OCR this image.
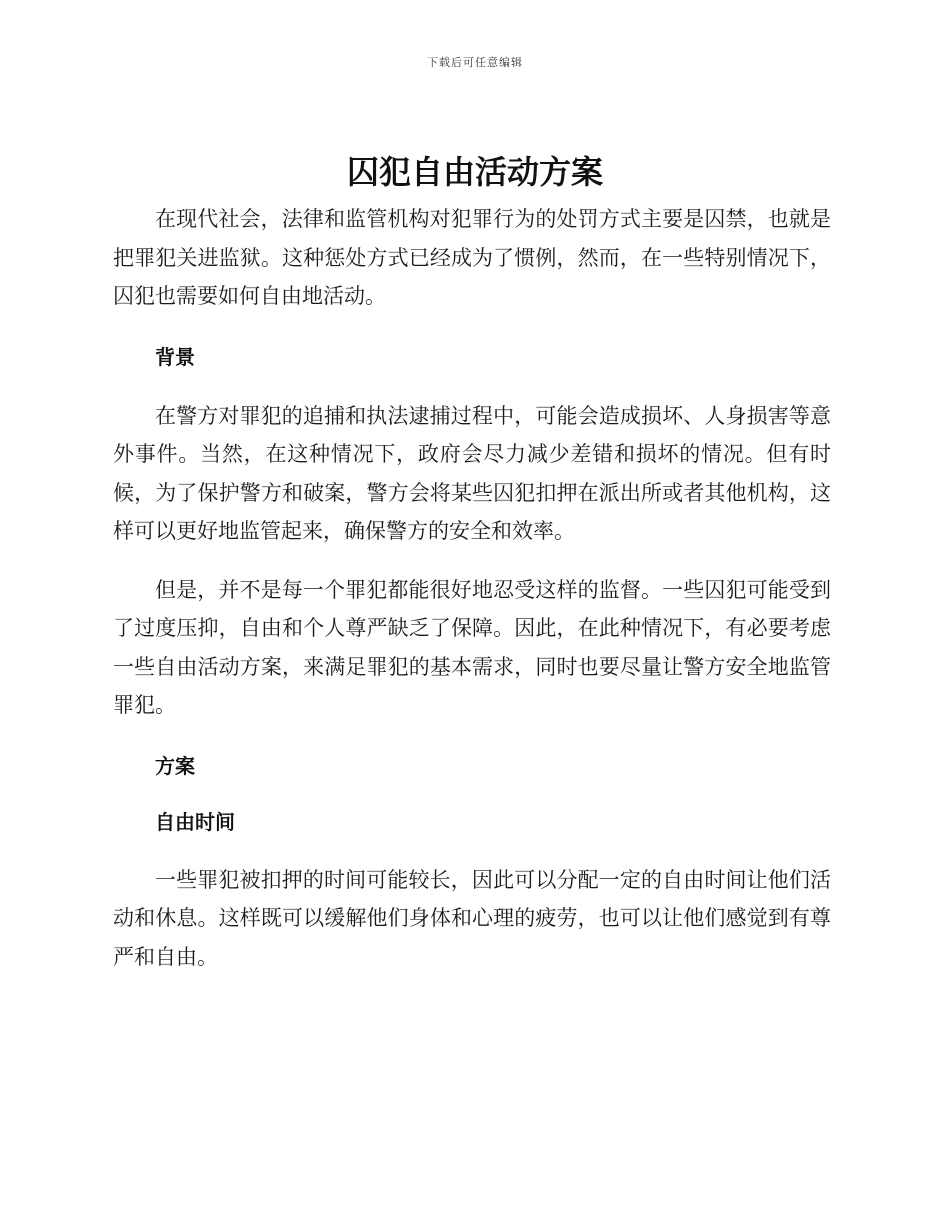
下载后可任意编辑
囚犯自由活动方案

在现代社会，法律和监管机构对犯罪行为的处罚方式主要是囚禁，也就是把罪犯关进监狱。这种惩处方式已经成为了惯例，然而，在一些特别情况下，囚犯也需要如何自由地活动。

背景

在警方对罪犯的追捕和执法逮捕过程中，可能会造成损坏、人身损害等意外事件。当然，在这种情况下，政府会尽力减少差错和损坏的情况。但有时候，为了保护警方和破案，警方会将某些囚犯扣押在派出所或者其他机构，这样可以更好地监管起来，确保警方的安全和效率。

但是，并不是每一个罪犯都能很好地忍受这样的监督。一些囚犯可能受到了过度压抑，自由和个人尊严缺乏了保障。因此，在此种情况下，有必要考虑一些自由活动方案，来满足罪犯的基本需求，同时也要尽量让警方安全地监管罪犯。

方案
自由时间

一些罪犯被扣押的时间可能较长，因此可以分配一定的自由时间让他们活动和休息。这样既可以缓解他们身体和心理的疲劳，也可以让他们感觉到有尊严和自由。
